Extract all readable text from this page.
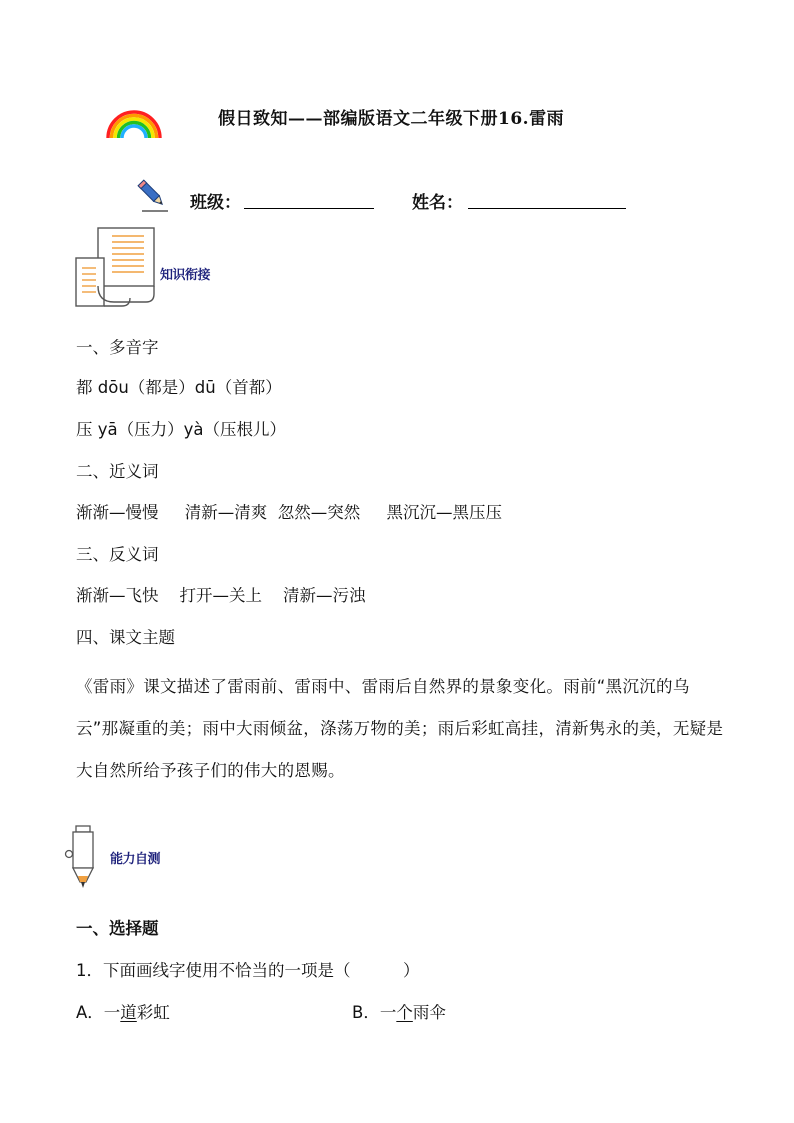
假日致知——部编版语文二年级下册16.雷雨
班级：	姓名：
知识衔接
一、多音字
都 dōu（都是）dū（首都）
压 yā（压力）yà（压根儿）
二、近义词
渐渐—慢慢     清新—清爽  忽然—突然     黑沉沉—黑压压
三、反义词
渐渐—飞快    打开—关上    清新—污浊
四、课文主题
《雷雨》课文描述了雷雨前、雷雨中、雷雨后自然界的景象变化。雨前“黑沉沉的乌云”那凝重的美；雨中大雨倾盆，涤荡万物的美；雨后彩虹高挂，清新隽永的美，无疑是大自然所给予孩子们的伟大的恩赐。
能力自测
一、选择题
1．下面画线字使用不恰当的一项是（          ）
A．一道彩虹	B．一个雨伞
